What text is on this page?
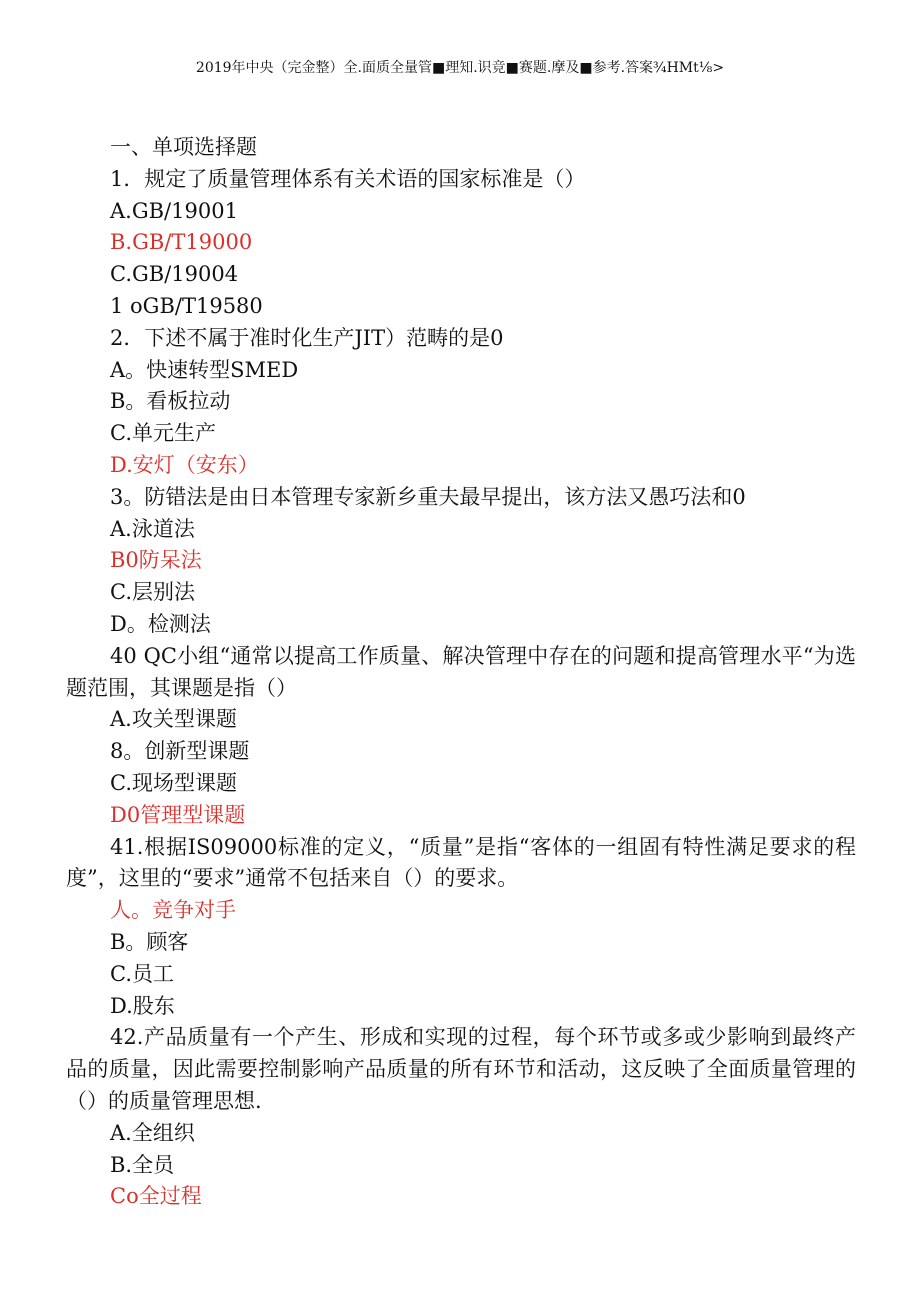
2019年中央（完金整）全.面质全量管■理知.识竞■赛题.摩及■参考.答案¾HMt⅛>
一、单项选择题
1．规定了质量管理体系有关术语的国家标准是（）
A.GB/19001
B.GB/T19000
C.GB/19004
1 oGB/T19580
2．下述不属于准时化生产JIT）范畴的是0
A。快速转型SMED
B。看板拉动
C.单元生产
D.安灯（安东）
3。防错法是由日本管理专家新乡重夫最早提出，该方法又愚巧法和0
A.泳道法
B0防呆法
C.层别法
D。检测法
40 QC小组“通常以提高工作质量、解决管理中存在的问题和提高管理水平“为选题范围，其课题是指（）
A.攻关型课题
8。创新型课题
C.现场型课题
D0管理型课题
41.根据IS09000标准的定义，“质量”是指“客体的一组固有特性满足要求的程度”，这里的“要求”通常不包括来自（）的要求。
人。竞争对手
B。顾客
C.员工
D.股东
42.产品质量有一个产生、形成和实现的过程，每个环节或多或少影响到最终产品的质量，因此需要控制影响产品质量的所有环节和活动，这反映了全面质量管理的（）的质量管理思想.
A.全组织
B.全员
Co全过程
